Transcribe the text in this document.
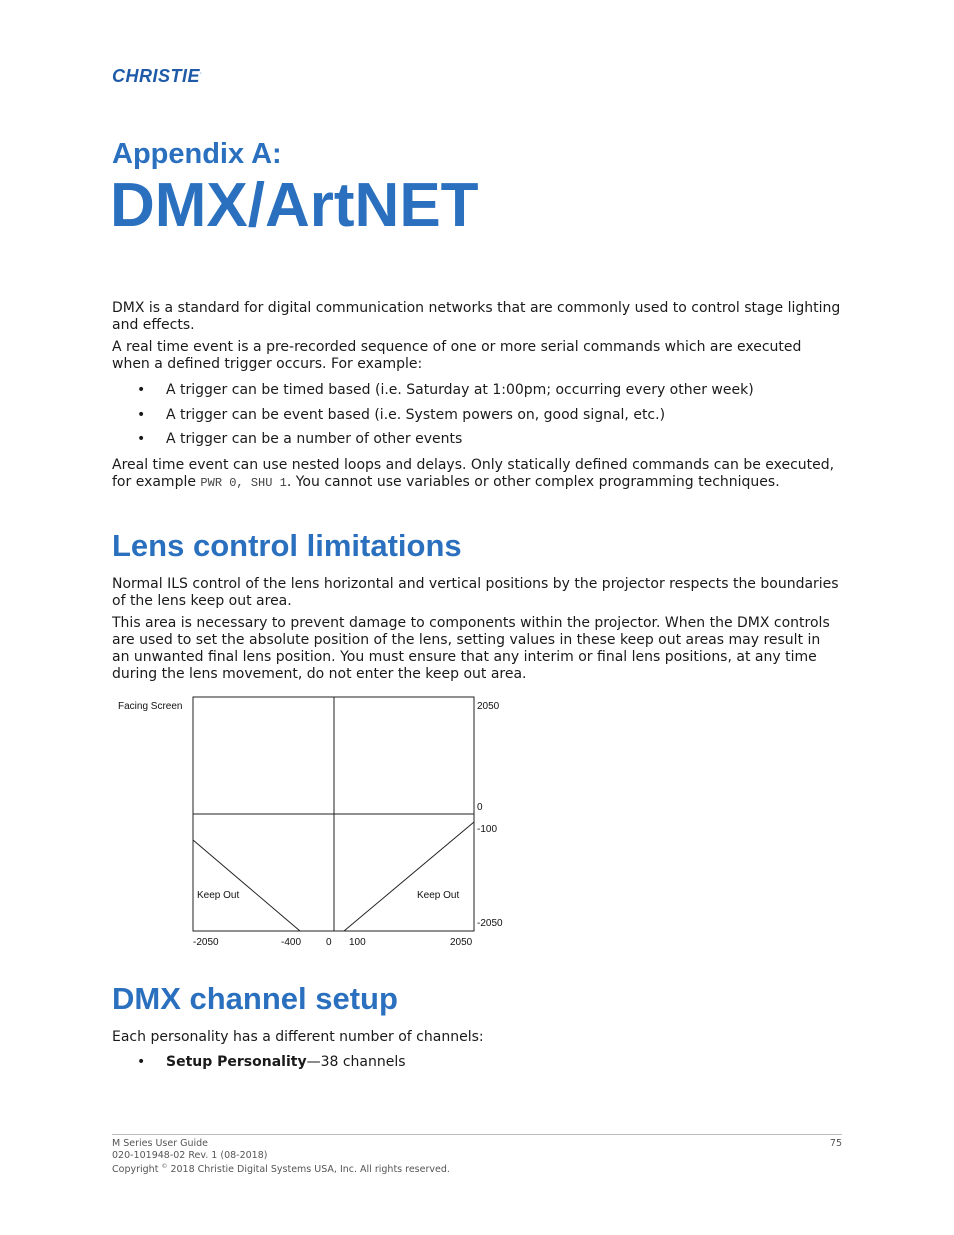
CHRISTIE·
Appendix A:
DMX/ArtNET

DMX is a standard for digital communication networks that are commonly used to control stage lighting and effects.

A real time event is a pre-recorded sequence of one or more serial commands which are executed when a defined trigger occurs. For example:

• A trigger can be timed based (i.e. Saturday at 1:00pm; occurring every other week)
• A trigger can be event based (i.e. System powers on, good signal, etc.)
• A trigger can be a number of other events
Areal time event can use nested loops and delays. Only statically defined commands can be executed,
for example PWR 0, SHU 1. You cannot use variables or other complex programming techniques.
Lens control limitations

Normal ILS control of the lens horizontal and vertical positions by the projector respects the boundaries of the lens keep out area.

This area is necessary to prevent damage to components within the projector. When the DMX controls are used to set the absolute position of the lens, setting values in these keep out areas may result in an unwanted final lens position. You must ensure that any interim or final lens positions, at any time during the lens movement, do not enter the keep out area.

Facing Screen
Keep Out	Keep Out
2050
0
-100
-2050
-2050	-400 0 100	2050
DMX channel setup

Each personality has a different number of channels:

• Setup Personality—38 channels
M Series User Guide
020-101948-02 Rev. 1 (08-2018)
Copyright © 2018 Christie Digital Systems USA, Inc. All rights reserved.
75
